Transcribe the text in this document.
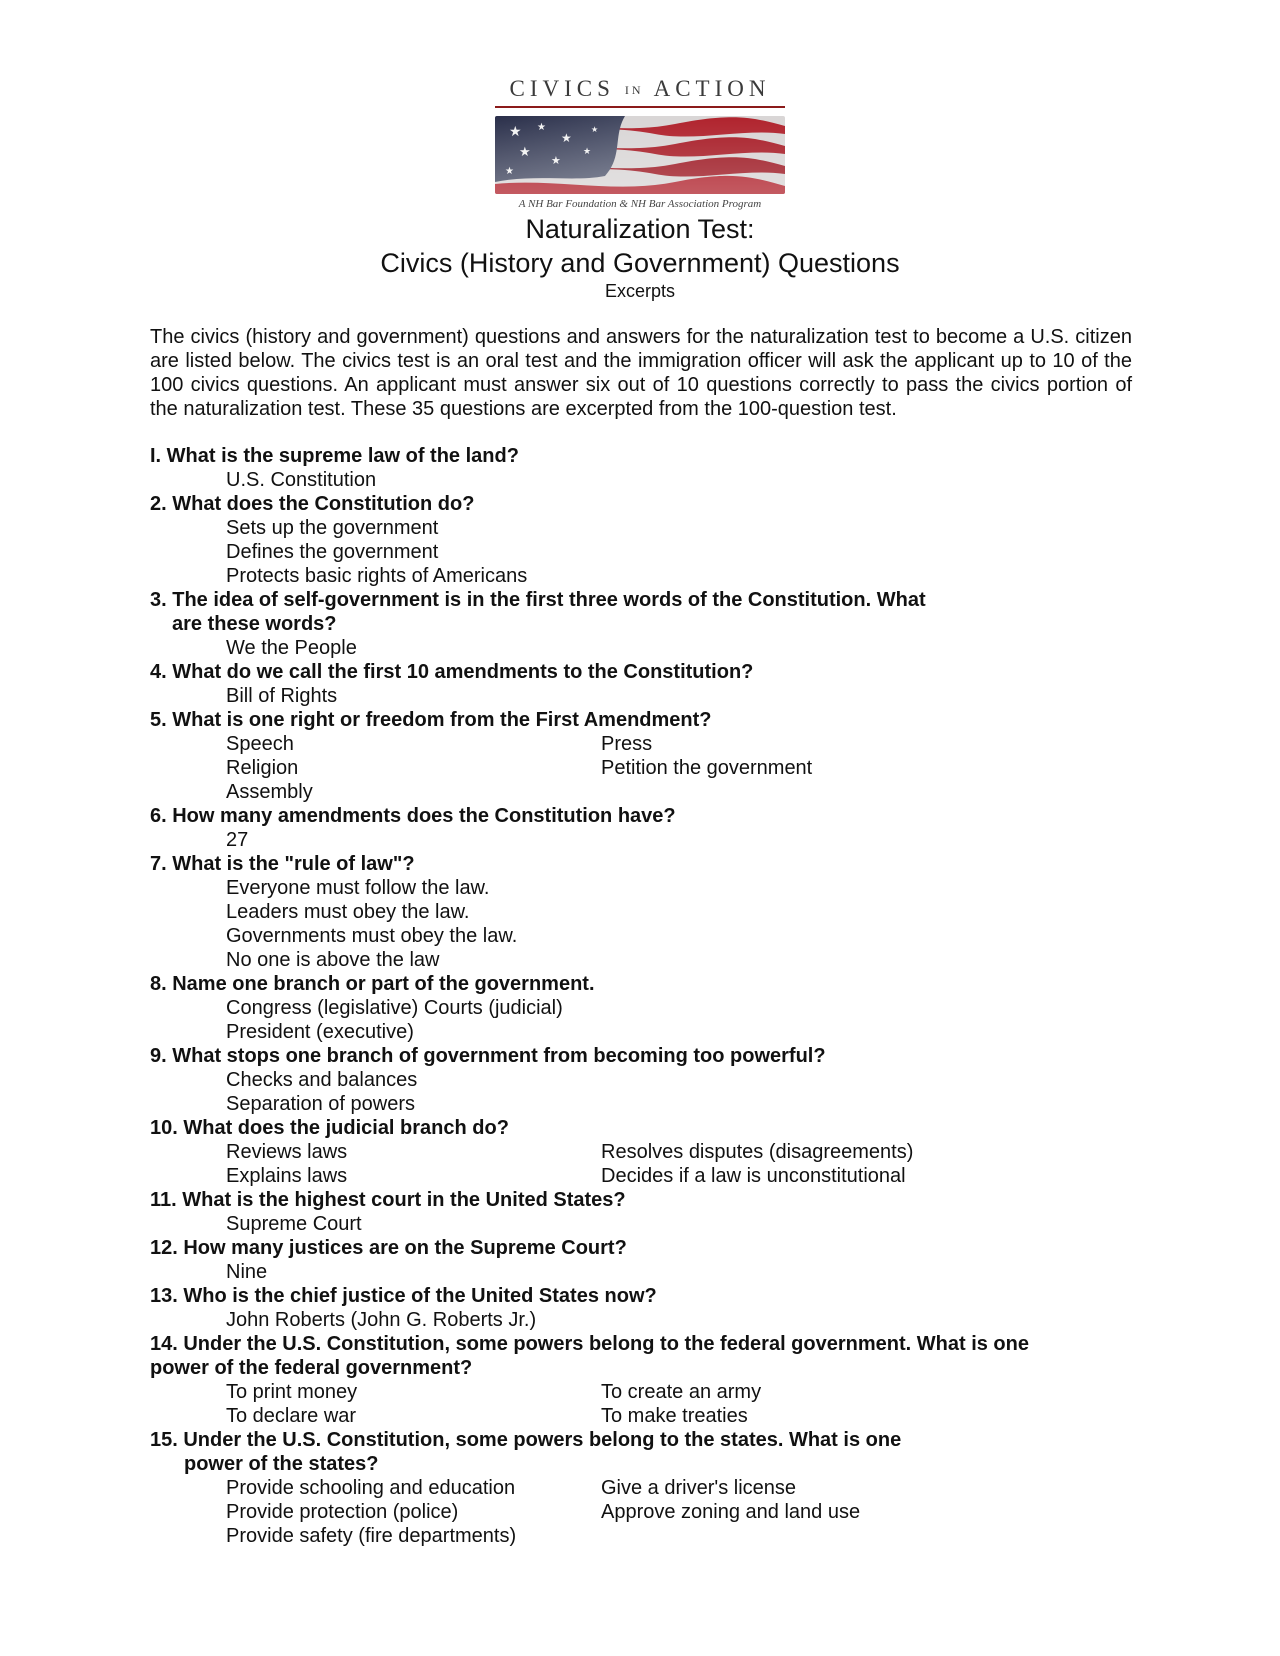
CIVICS IN ACTION
A NH Bar Foundation & NH Bar Association Program
Naturalization Test:
Civics (History and Government) Questions
Excerpts
The civics (history and government) questions and answers for the naturalization test to become a U.S. citizen are listed below. The civics test is an oral test and the immigration officer will ask the applicant up to 10 of the 100 civics questions. An applicant must answer six out of 10 questions correctly to pass the civics portion of the naturalization test. These 35 questions are excerpted from the 100-question test.
I. What is the supreme law of the land?
U.S. Constitution
2. What does the Constitution do?
Sets up the government
Defines the government
Protects basic rights of Americans
3. The idea of self-government is in the first three words of the Constitution. What
are these words?
We the People
4. What do we call the first 10 amendments to the Constitution?
Bill of Rights
5. What is one right or freedom from the First Amendment?
Speech	Press
Religion	Petition the government
Assembly
6. How many amendments does the Constitution have?
27
7. What is the "rule of law"?
Everyone must follow the law.
Leaders must obey the law.
Governments must obey the law.
No one is above the law
8. Name one branch or part of the government.
Congress (legislative) Courts (judicial)
President (executive)
9. What stops one branch of government from becoming too powerful?
Checks and balances
Separation of powers
10. What does the judicial branch do?
Reviews laws	Resolves disputes (disagreements)
Explains laws	Decides if a law is unconstitutional
11. What is the highest court in the United States?
Supreme Court
12. How many justices are on the Supreme Court?
Nine
13. Who is the chief justice of the United States now?
John Roberts (John G. Roberts Jr.)
14. Under the U.S. Constitution, some powers belong to the federal government. What is one
power of the federal government?
To print money	To create an army
To declare war	To make treaties
15. Under the U.S. Constitution, some powers belong to the states. What is one
power of the states?
Provide schooling and education	Give a driver's license
Provide protection (police)	Approve zoning and land use
Provide safety (fire departments)
